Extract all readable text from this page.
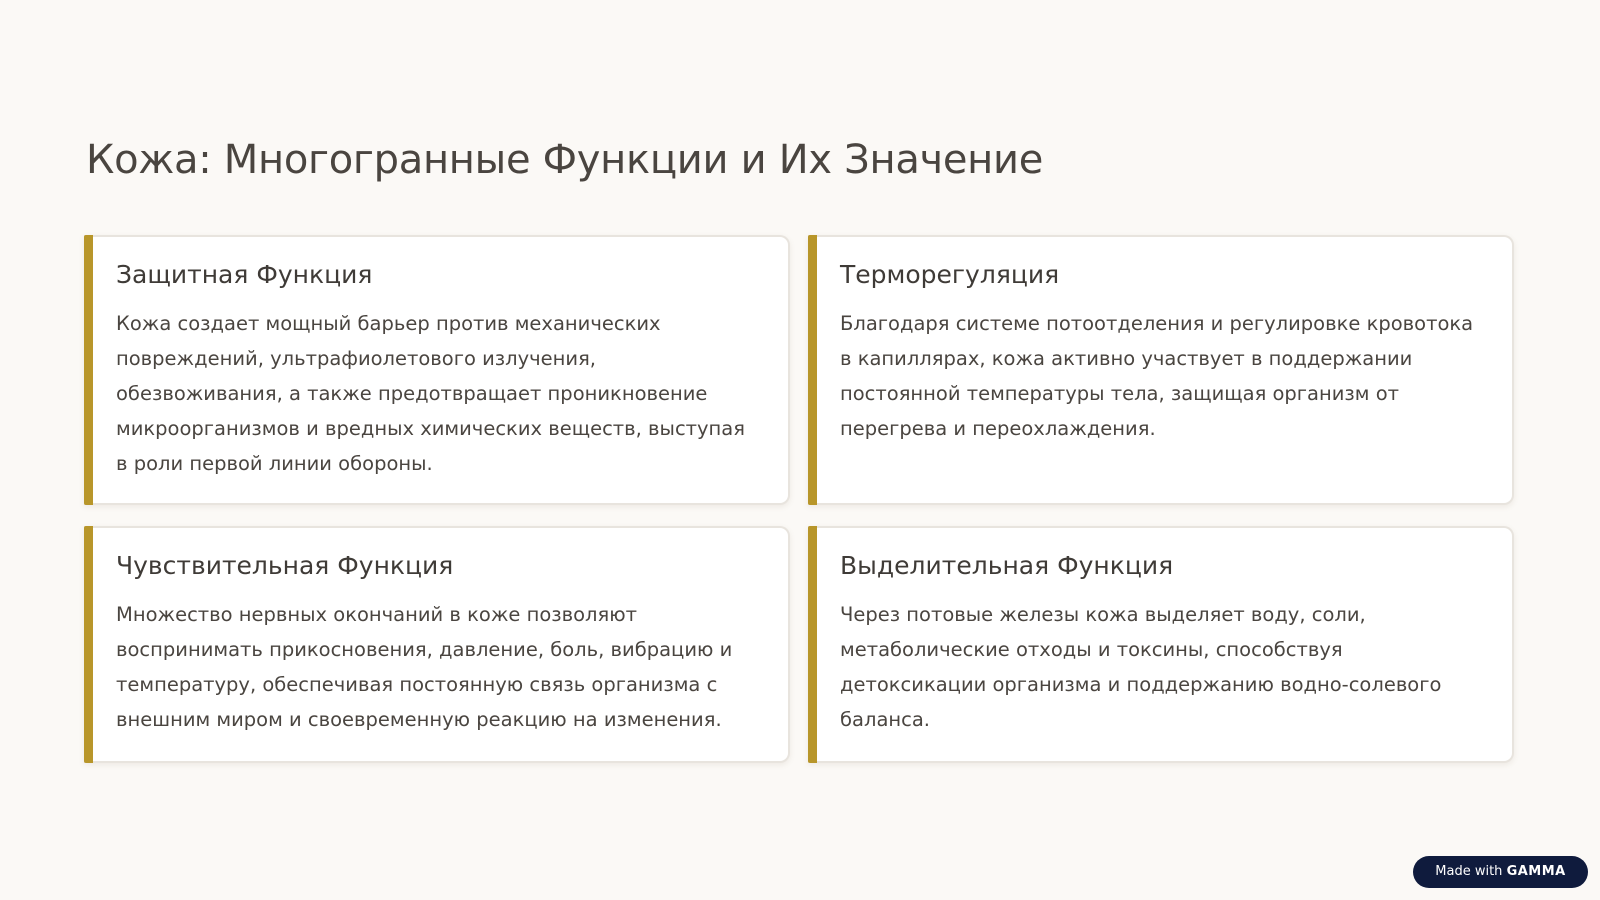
Кожа: Многогранные Функции и Их Значение
Защитная Функция

Кожа создает мощный барьер против механических повреждений, ультрафиолетового излучения, обезвоживания, а также предотвращает проникновение микроорганизмов и вредных химических веществ, выступая в роли первой линии обороны.

Терморегуляция

Благодаря системе потоотделения и регулировке кровотока в капиллярах, кожа активно участвует в поддержании постоянной температуры тела, защищая организм от перегрева и переохлаждения.

Чувствительная Функция

Множество нервных окончаний в коже позволяют воспринимать прикосновения, давление, боль, вибрацию и температуру, обеспечивая постоянную связь организма с внешним миром и своевременную реакцию на изменения.

Выделительная Функция

Через потовые железы кожа выделяет воду, соли, метаболические отходы и токсины, способствуя детоксикации организма и поддержанию водно-солевого баланса.

Made with GAMMA
